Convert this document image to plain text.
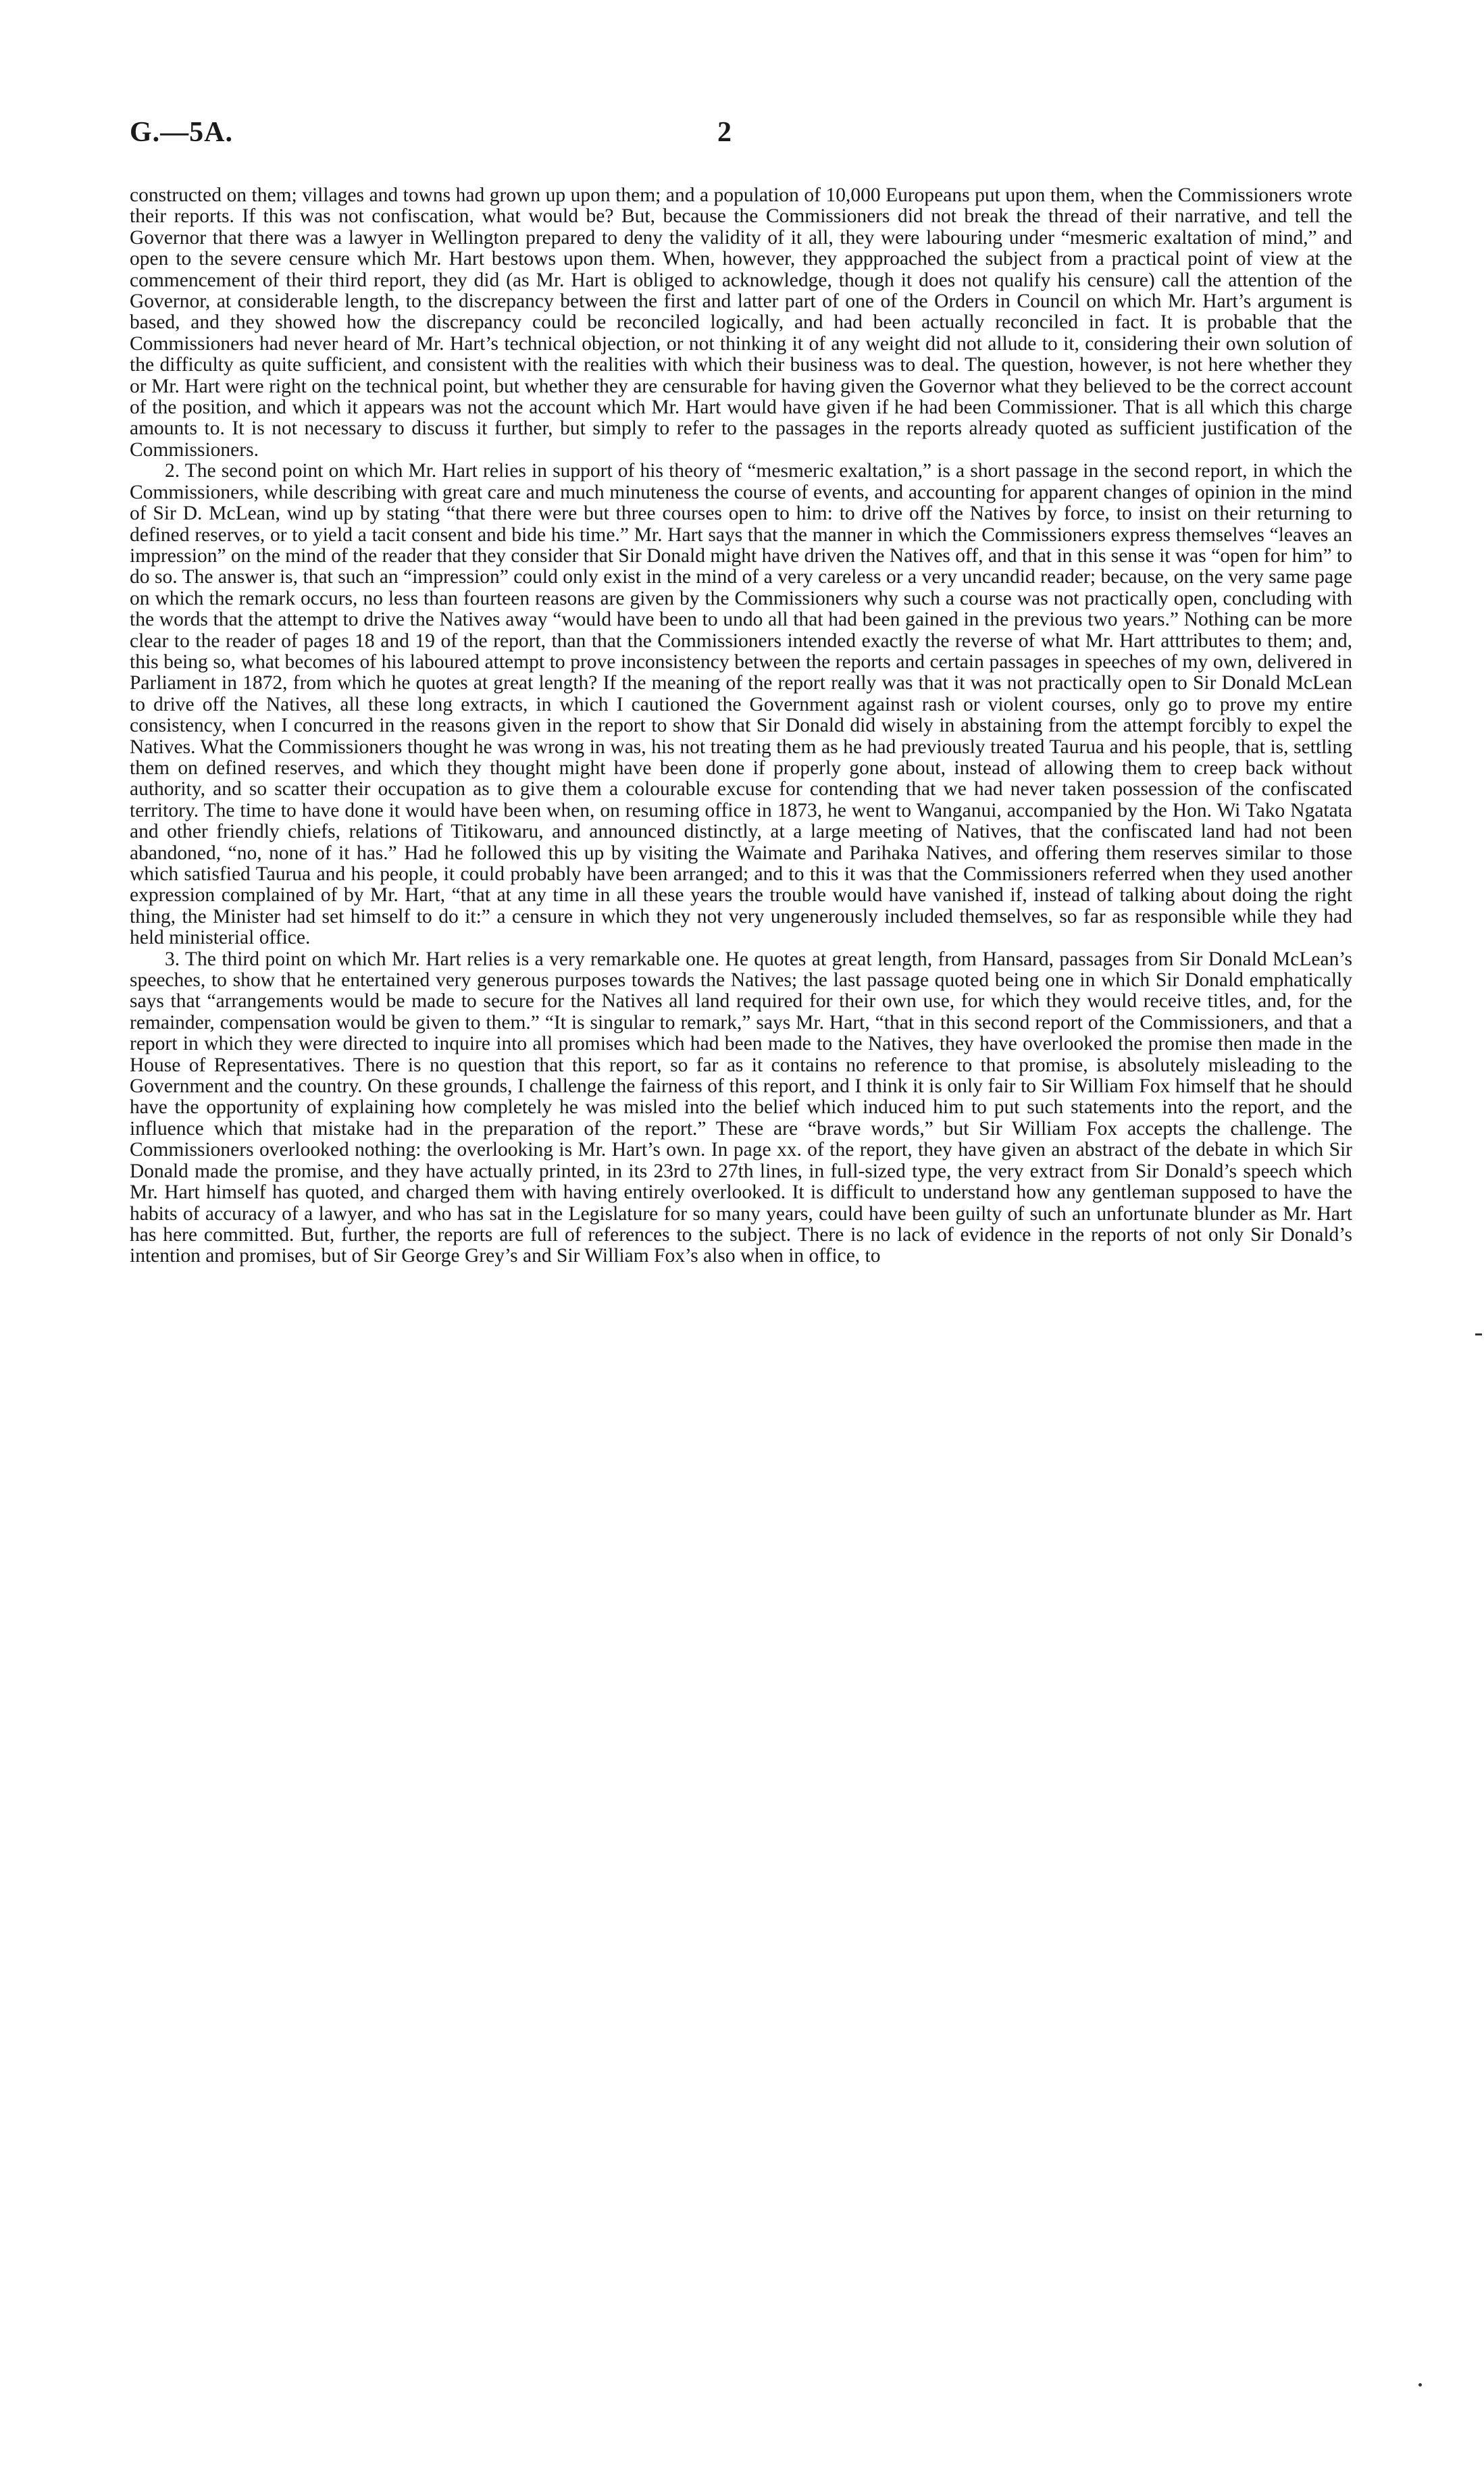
G.—5A.	2

constructed on them; villages and towns had grown up upon them; and a population of 10,000 Europeans put upon them, when the Commissioners wrote their reports. If this was not confiscation, what would be? But, because the Commissioners did not break the thread of their narrative, and tell the Governor that there was a lawyer in Wellington prepared to deny the validity of it all, they were labouring under “mesmeric exaltation of mind,” and open to the severe censure which Mr. Hart bestows upon them. When, however, they appproached the subject from a practical point of view at the commencement of their third report, they did (as Mr. Hart is obliged to acknowledge, though it does not qualify his censure) call the attention of the Governor, at considerable length, to the discrepancy between the first and latter part of one of the Orders in Council on which Mr. Hart’s argument is based, and they showed how the discrepancy could be reconciled logically, and had been actually reconciled in fact. It is probable that the Commissioners had never heard of Mr. Hart’s technical objection, or not thinking it of any weight did not allude to it, considering their own solution of the difficulty as quite sufficient, and consistent with the realities with which their business was to deal. The question, however, is not here whether they or Mr. Hart were right on the technical point, but whether they are censurable for having given the Governor what they believed to be the correct account of the position, and which it appears was not the account which Mr. Hart would have given if he had been Commissioner. That is all which this charge amounts to. It is not necessary to discuss it further, but simply to refer to the passages in the reports already quoted as sufficient justification of the Commissioners.

2. The second point on which Mr. Hart relies in support of his theory of “mesmeric exaltation,” is a short passage in the second report, in which the Commissioners, while describing with great care and much minuteness the course of events, and accounting for apparent changes of opinion in the mind of Sir D. McLean, wind up by stating “that there were but three courses open to him: to drive off the Natives by force, to insist on their returning to defined reserves, or to yield a tacit consent and bide his time.” Mr. Hart says that the manner in which the Commissioners express themselves “leaves an impression” on the mind of the reader that they consider that Sir Donald might have driven the Natives off, and that in this sense it was “open for him” to do so. The answer is, that such an “impression” could only exist in the mind of a very careless or a very uncandid reader; because, on the very same page on which the remark occurs, no less than fourteen reasons are given by the Commissioners why such a course was not practically open, concluding with the words that the attempt to drive the Natives away “would have been to undo all that had been gained in the previous two years.” Nothing can be more clear to the reader of pages 18 and 19 of the report, than that the Commissioners intended exactly the reverse of what Mr. Hart atttributes to them; and, this being so, what becomes of his laboured attempt to prove inconsistency between the reports and certain passages in speeches of my own, delivered in Parliament in 1872, from which he quotes at great length? If the meaning of the report really was that it was not practically open to Sir Donald McLean to drive off the Natives, all these long extracts, in which I cautioned the Government against rash or violent courses, only go to prove my entire consistency, when I concurred in the reasons given in the report to show that Sir Donald did wisely in abstaining from the attempt forcibly to expel the Natives. What the Commissioners thought he was wrong in was, his not treating them as he had previously treated Taurua and his people, that is, settling them on defined reserves, and which they thought might have been done if properly gone about, instead of allowing them to creep back without authority, and so scatter their occupation as to give them a colourable excuse for contending that we had never taken possession of the confiscated territory. The time to have done it would have been when, on resuming office in 1873, he went to Wanganui, accompanied by the Hon. Wi Tako Ngatata and other friendly chiefs, relations of Titikowaru, and announced distinctly, at a large meeting of Natives, that the confiscated land had not been abandoned, “no, none of it has.” Had he followed this up by visiting the Waimate and Parihaka Natives, and offering them reserves similar to those which satisfied Taurua and his people, it could probably have been arranged; and to this it was that the Commissioners referred when they used another expression complained of by Mr. Hart, “that at any time in all these years the trouble would have vanished if, instead of talking about doing the right thing, the Minister had set himself to do it:” a censure in which they not very ungenerously included themselves, so far as responsible while they had held ministerial office.

3. The third point on which Mr. Hart relies is a very remarkable one. He quotes at great length, from Hansard, passages from Sir Donald McLean’s speeches, to show that he entertained very generous purposes towards the Natives; the last passage quoted being one in which Sir Donald emphatically says that “arrangements would be made to secure for the Natives all land required for their own use, for which they would receive titles, and, for the remainder, compensation would be given to them.” “It is singular to remark,” says Mr. Hart, “that in this second report of the Commissioners, and that a report in which they were directed to inquire into all promises which had been made to the Natives, they have overlooked the promise then made in the House of Representatives. There is no question that this report, so far as it contains no reference to that promise, is absolutely misleading to the Government and the country. On these grounds, I challenge the fairness of this report, and I think it is only fair to Sir William Fox himself that he should have the opportunity of explaining how completely he was misled into the belief which induced him to put such statements into the report, and the influence which that mistake had in the preparation of the report.” These are “brave words,” but Sir William Fox accepts the challenge. The Commissioners overlooked nothing: the overlooking is Mr. Hart’s own. In page xx. of the report, they have given an abstract of the debate in which Sir Donald made the promise, and they have actually printed, in its 23rd to 27th lines, in full-sized type, the very extract from Sir Donald’s speech which Mr. Hart himself has quoted, and charged them with having entirely overlooked. It is difficult to understand how any gentleman supposed to have the habits of accuracy of a lawyer, and who has sat in the Legislature for so many years, could have been guilty of such an unfortunate blunder as Mr. Hart has here committed. But, further, the reports are full of references to the subject. There is no lack of evidence in the reports of not only Sir Donald’s intention and promises, but of Sir George Grey’s and Sir William Fox’s also when in office, to
